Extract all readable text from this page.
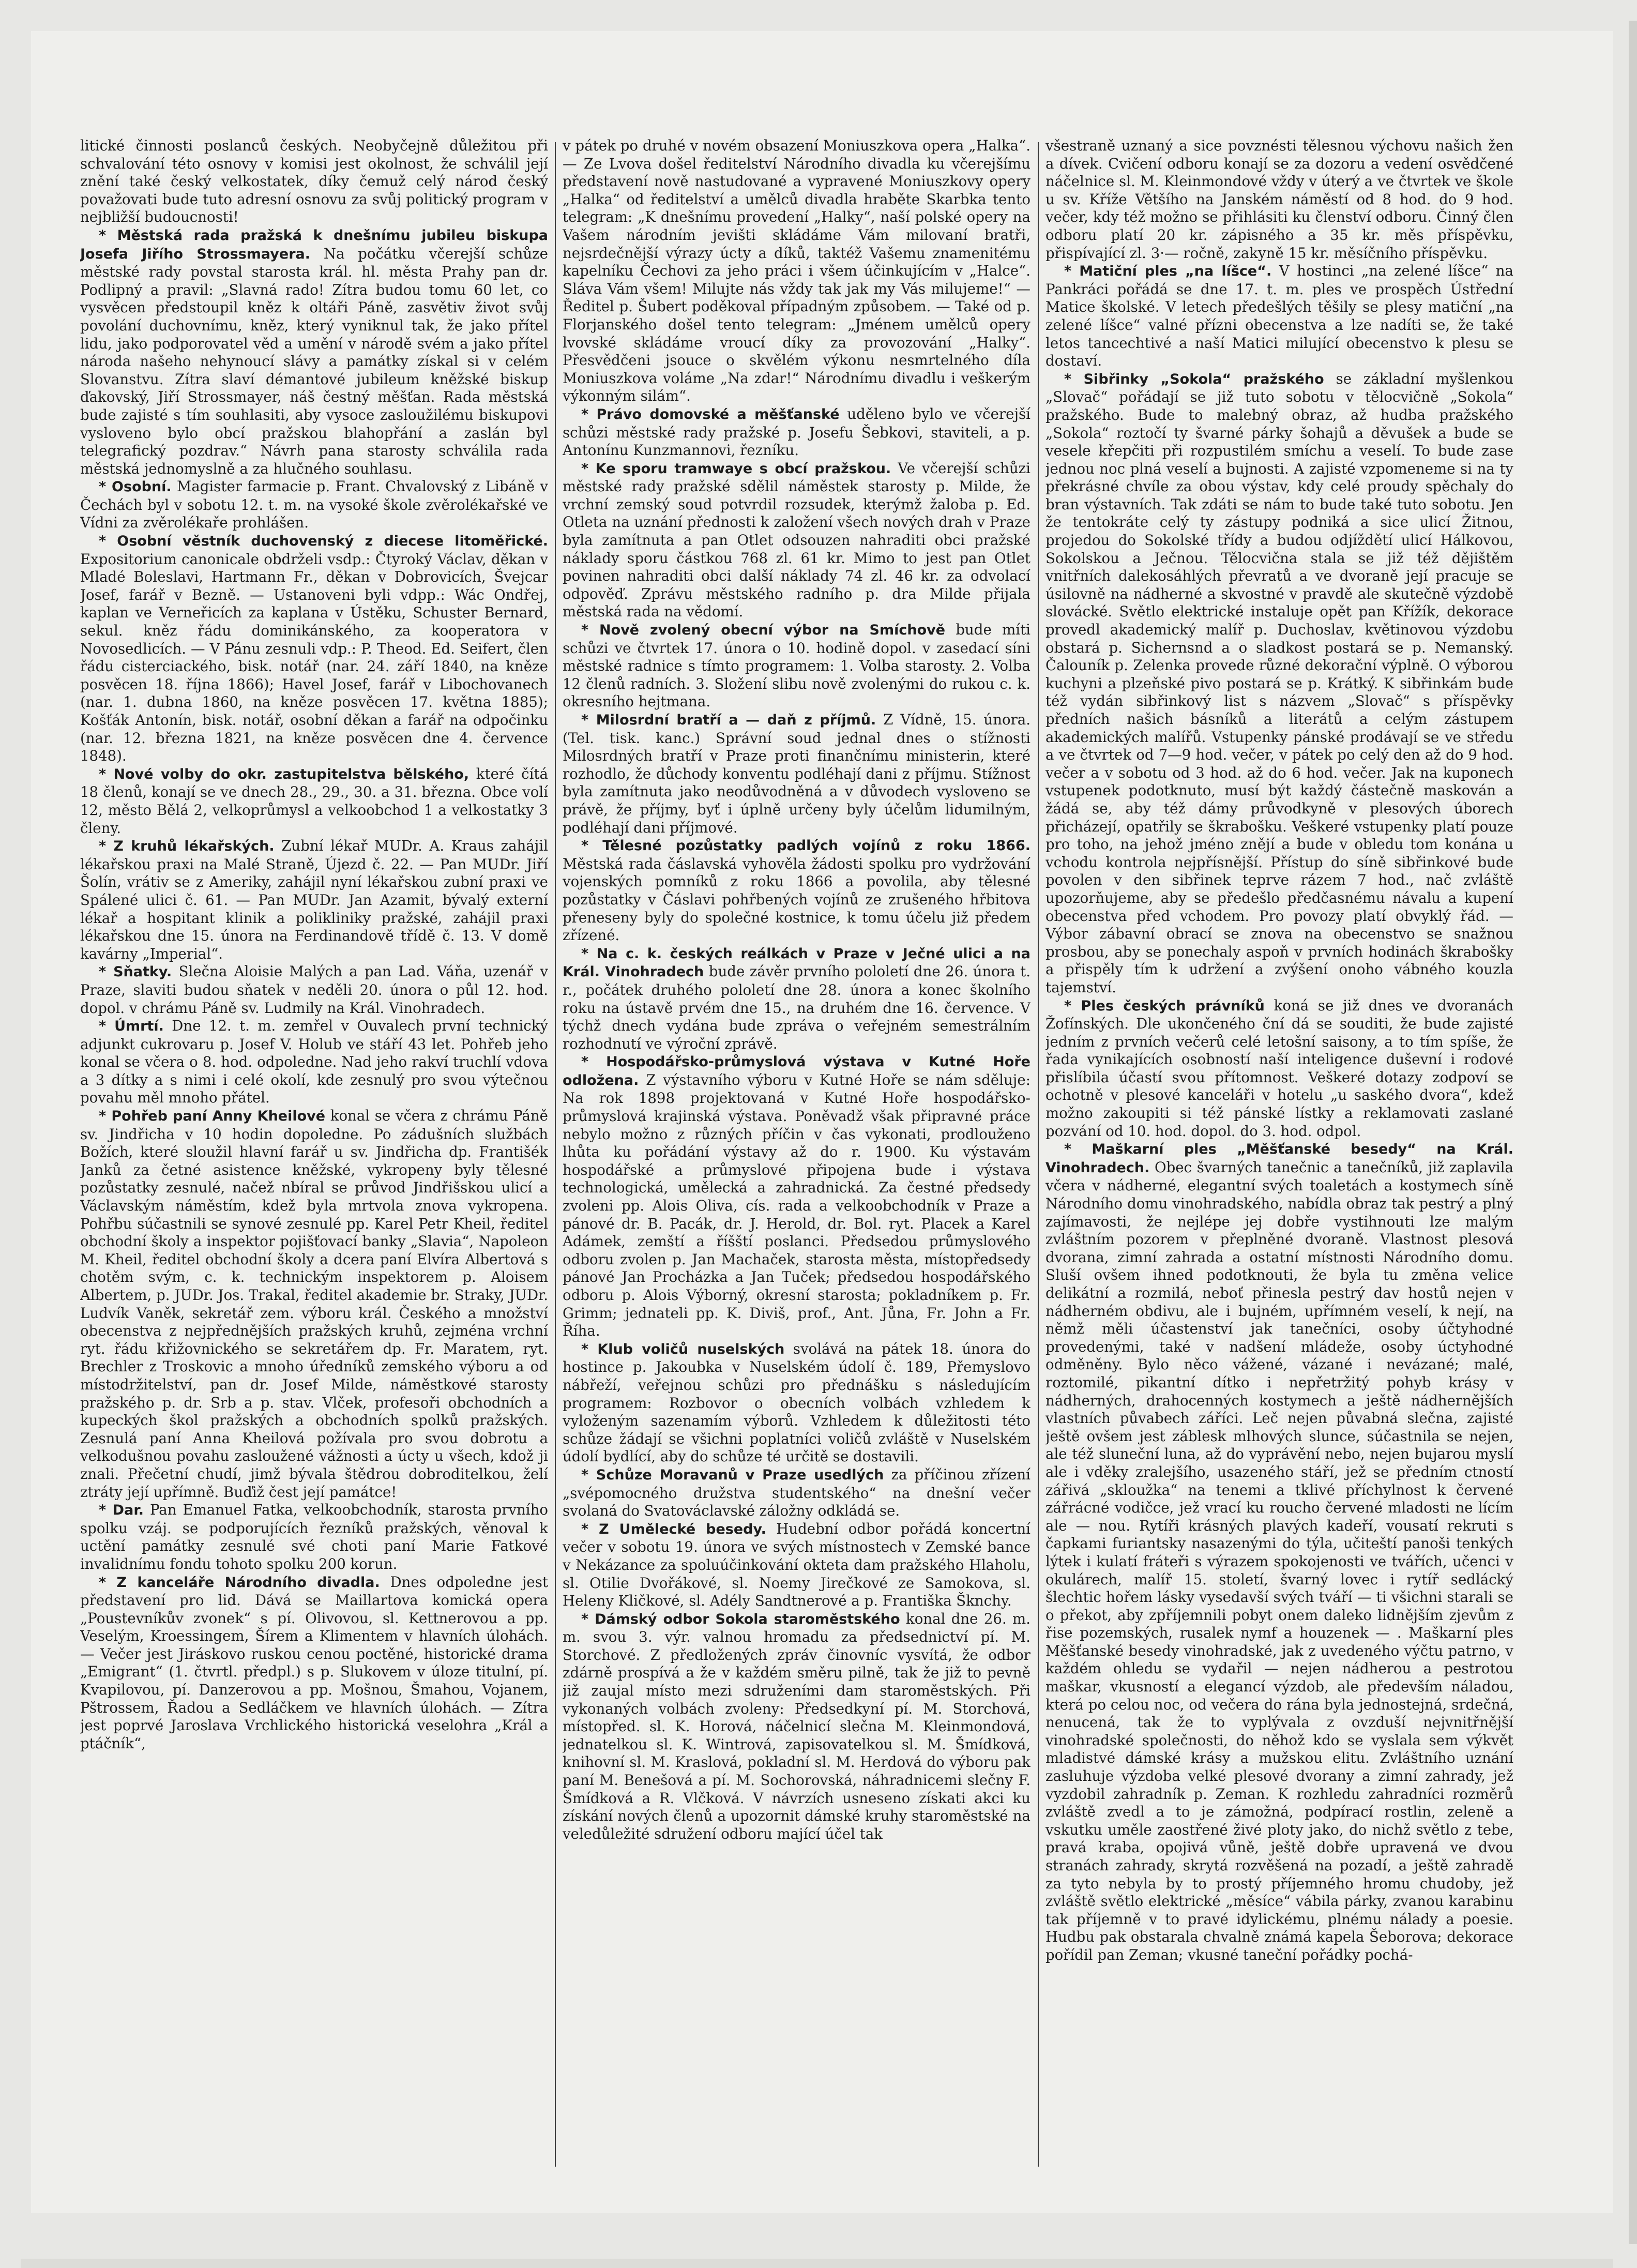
litické činnosti poslanců českých. Neobyčejně důležitou při schvalování této osnovy v komisi jest okolnost, že schválil její znění také český velkostatek, díky čemuž celý národ český považovati bude tuto adresní osnovu za svůj politický program v nejbližší budoucnosti!

* Městská rada pražská k dnešnímu jubileu biskupa Josefa Jiřího Strossmayera. Na počátku včerejší schůze městské rady povstal starosta král. hl. města Prahy pan dr. Podlipný a pravil: „Slavná rado! Zítra budou tomu 60 let, co vysvěcen předstoupil kněz k oltáři Páně, zasvětiv život svůj povolání duchovnímu, kněz, který vyniknul tak, že jako přítel lidu, jako podporovatel věd a umění v národě svém a jako přítel národa našeho nehynoucí slávy a památky získal si v celém Slovanstvu. Zítra slaví démantové jubileum kněžské biskup ďakovský, Jiří Strossmayer, náš čestný měšťan. Rada městská bude zajisté s tím souhlasiti, aby vysoce zasloužilému biskupovi vysloveno bylo obcí pražskou blahopřání a zaslán byl telegrafický pozdrav.“ Návrh pana starosty schválila rada městská jednomyslně a za hlučného souhlasu.

* Osobní. Magister farmacie p. Frant. Chvalovský z Libáně v Čechách byl v sobotu 12. t. m. na vysoké škole zvěrolékařské ve Vídni za zvěrolékaře prohlášen.

* Osobní věstník duchovenský z diecese litoměřické. Expositorium canonicale obdrželi vsdp.: Čtyroký Václav, děkan v Mladé Boleslavi, Hartmann Fr., děkan v Dobrovicích, Švejcar Josef, farář v Bezně. — Ustanoveni byli vdpp.: Wác Ondřej, kaplan ve Verneřicích za kaplana v Ústěku, Schuster Bernard, sekul. kněz řádu dominikánského, za kooperatora v Novosedlicích. — V Pánu zesnuli vdp.: P. Theod. Ed. Seifert, člen řádu cisterciackého, bisk. notář (nar. 24. září 1840, na kněze posvěcen 18. října 1866); Havel Josef, farář v Libochovanech (nar. 1. dubna 1860, na kněze posvěcen 17. května 1885); Košťák Antonín, bisk. notář, osobní děkan a farář na odpočinku (nar. 12. března 1821, na kněze posvěcen dne 4. července 1848).

* Nové volby do okr. zastupitelstva bělského, které čítá 18 členů, konají se ve dnech 28., 29., 30. a 31. března. Obce volí 12, město Bělá 2, velkoprůmysl a velkoobchod 1 a velkostatky 3 členy.

* Z kruhů lékařských. Zubní lékař MUDr. A. Kraus zahájil lékařskou praxi na Malé Straně, Újezd č. 22. — Pan MUDr. Jiří Šolín, vrátiv se z Ameriky, zahájil nyní lékařskou zubní praxi ve Spálené ulici č. 61. — Pan MUDr. Jan Azamit, bývalý externí lékař a hospitant klinik a polikliniky pražské, zahájil praxi lékařskou dne 15. února na Ferdinandově třídě č. 13. V domě kavárny „Imperial“.

* Sňatky. Slečna Aloisie Malých a pan Lad. Váňa, uzenář v Praze, slaviti budou sňatek v neděli 20. února o půl 12. hod. dopol. v chrámu Páně sv. Ludmily na Král. Vinohradech.

* Úmrtí. Dne 12. t. m. zemřel v Ouvalech první technický adjunkt cukrovaru p. Josef V. Holub ve stáří 43 let. Pohřeb jeho konal se včera o 8. hod. odpoledne. Nad jeho rakví truchlí vdova a 3 dítky a s nimi i celé okolí, kde zesnulý pro svou výtečnou povahu měl mnoho přátel.

* Pohřeb paní Anny Kheilové konal se včera z chrámu Páně sv. Jindřicha v 10 hodin dopoledne. Po zádušních službách Božích, které sloužil hlavní farář u sv. Jindřicha dp. Františék Janků za četné asistence kněžské, vykropeny byly tělesné pozůstatky zesnulé, načež nbíral se průvod Jindřišskou ulicí a Václavským náměstím, kdež byla mrtvola znova vykropena. Pohřbu súčastnili se synové zesnulé pp. Karel Petr Kheil, ředitel obchodní školy a inspektor pojišťovací banky „Slavia“, Napoleon M. Kheil, ředitel obchodní školy a dcera paní Elvíra Albertová s chotěm svým, c. k. technickým inspektorem p. Aloisem Albertem, p. JUDr. Jos. Trakal, ředitel akademie br. Straky, JUDr. Ludvík Vaněk, sekretář zem. výboru král. Českého a množství obecenstva z nejpřednějších pražských kruhů, zejména vrchní ryt. řádu křižovnického se sekretářem dp. Fr. Maratem, ryt. Brechler z Troskovic a mnoho úředníků zemského výboru a od místodržitelství, pan dr. Josef Milde, náměstkové starosty pražského p. dr. Srb a p. stav. Vlček, profesoři obchodních a kupeckých škol pražských a obchodních spolků pražských. Zesnulá paní Anna Kheilová požívala pro svou dobrotu a velkodušnou povahu zasloužené vážnosti a úcty u všech, kdož ji znali. Přečetní chudí, jimž bývala štědrou dobroditelkou, želí ztráty její upřímně. Buďiž čest její památce!

* Dar. Pan Emanuel Fatka, velkoobchodník, starosta prvního spolku vzáj. se podporujících řezníků pražských, věnoval k uctění památky zesnulé své choti paní Marie Fatkové invalidnímu fondu tohoto spolku 200 korun.

* Z kanceláře Národního divadla. Dnes odpoledne jest představení pro lid. Dává se Maillartova komická opera „Poustevníkův zvonek“ s pí. Olivovou, sl. Kettnerovou a pp. Veselým, Kroessingem, Šírem a Klimentem v hlavních úlohách. — Večer jest Jiráskovo ruskou cenou poctěné, historické drama „Emigrant“ (1. čtvrtl. předpl.) s p. Slukovem v úloze titulní, pí. Kvapilovou, pí. Danzerovou a pp. Mošnou, Šmahou, Vojanem, Pštrossem, Řadou a Sedláčkem ve hlavních úlohách. — Zítra jest poprvé Jaroslava Vrchlického historická veselohra „Král a ptáčník“,

v pátek po druhé v novém obsazení Moniuszkova opera „Halka“. — Ze Lvova došel ředitelství Národního divadla ku včerejšímu představení nově nastudované a vypravené Moniuszkovy opery „Halka“ od ředitelství a umělců divadla hraběte Skarbka tento telegram: „K dnešnímu provedení „Halky“, naší polské opery na Vašem národním jevišti skládáme Vám milovaní bratři, nejsrdečnější výrazy úcty a díků, taktéž Vašemu znamenitému kapelníku Čechovi za jeho práci i všem účinkujícím v „Halce“. Sláva Vám všem! Milujte nás vždy tak jak my Vás milujeme!“ — Ředitel p. Šubert poděkoval případným způsobem. — Také od p. Florjanského došel tento telegram: „Jménem umělců opery lvovské skládáme vroucí díky za provozování „Halky“. Přesvědčeni jsouce o skvělém výkonu nesmrtelného díla Moniuszkova voláme „Na zdar!“ Národnímu divadlu i veškerým výkonným silám“.

* Právo domovské a měšťanské uděleno bylo ve včerejší schůzi městské rady pražské p. Josefu Šebkovi, staviteli, a p. Antonínu Kunzmannovi, řezníku.

* Ke sporu tramwaye s obcí pražskou. Ve včerejší schůzi městské rady pražské sdělil náměstek starosty p. Milde, že vrchní zemský soud potvrdil rozsudek, kterýmž žaloba p. Ed. Otleta na uznání přednosti k založení všech nových drah v Praze byla zamítnuta a pan Otlet odsouzen nahraditi obci pražské náklady sporu částkou 768 zl. 61 kr. Mimo to jest pan Otlet povinen nahraditi obci další náklady 74 zl. 46 kr. za odvolací odpověď. Zprávu městského radního p. dra Milde přijala městská rada na vědomí.

* Nově zvolený obecní výbor na Smíchově bude míti schůzi ve čtvrtek 17. února o 10. hodině dopol. v zasedací síni městské radnice s tímto programem: 1. Volba starosty. 2. Volba 12 členů radních. 3. Složení slibu nově zvolenými do rukou c. k. okresního hejtmana.

* Milosrdní bratří a — daň z příjmů. Z Vídně, 15. února. (Tel. tisk. kanc.) Správní soud jednal dnes o stížnosti Milosrdných bratří v Praze proti finančnímu ministerin, které rozhodlo, že důchody konventu podléhají dani z příjmu. Stížnost byla zamítnuta jako neodůvodněná a v důvodech vysloveno se právě, že příjmy, byť i úplně určeny byly účelům lidumilným, podléhají dani příjmové.

* Tělesné pozůstatky padlých vojínů z roku 1866. Městská rada čáslavská vyhověla žádosti spolku pro vydržování vojenských pomníků z roku 1866 a povolila, aby tělesné pozůstatky v Čáslavi pohřbených vojínů ze zrušeného hřbitova přeneseny byly do společné kostnice, k tomu účelu již předem zřízené.

* Na c. k. českých reálkách v Praze v Ječné ulici a na Král. Vinohradech bude závěr prvního pololetí dne 26. února t. r., počátek druhého pololetí dne 28. února a konec školního roku na ústavě prvém dne 15., na druhém dne 16. července. V týchž dnech vydána bude zpráva o veřejném semestrálním rozhodnutí ve výroční zprávě.

* Hospodářsko-průmyslová výstava v Kutné Hoře odložena. Z výstavního výboru v Kutné Hoře se nám sděluje: Na rok 1898 projektovaná v Kutné Hoře hospodářsko-průmyslová krajinská výstava. Poněvadž však připravné práce nebylo možno z různých příčin v čas vykonati, prodlouženo lhůta ku pořádání výstavy až do r. 1900. Ku výstavám hospodářské a průmyslové připojena bude i výstava technologická, umělecká a zahradnická. Za čestné předsedy zvoleni pp. Alois Oliva, cís. rada a velkoobchodník v Praze a pánové dr. B. Pacák, dr. J. Herold, dr. Bol. ryt. Placek a Karel Adámek, zemští a říšští poslanci. Předsedou průmyslového odboru zvolen p. Jan Machaček, starosta města, místopředsedy pánové Jan Procházka a Jan Tuček; předsedou hospodářského odboru p. Alois Výborný, okresní starosta; pokladníkem p. Fr. Grimm; jednateli pp. K. Diviš, prof., Ant. Jůna, Fr. John a Fr. Říha.

* Klub voličů nuselských svolává na pátek 18. února do hostince p. Jakoubka v Nuselském údolí č. 189, Přemyslovo nábřeží, veřejnou schůzi pro přednášku s následujícím programem: Rozbovor o obecních volbách vzhledem k vyloženým sazenamím výborů. Vzhledem k důležitosti této schůze žádají se všichni poplatníci voličů zvláště v Nuselském údolí bydlící, aby do schůze té určitě se dostavili.

* Schůze Moravanů v Praze usedlých za příčinou zřízení „svépomocného družstva studentského“ na dnešní večer svolaná do Svatováclavské záložny odkládá se.

* Z Umělecké besedy. Hudební odbor pořádá koncertní večer v sobotu 19. února ve svých místnostech v Zemské bance v Nekázance za spoluúčinkování okteta dam pražského Hlaholu, sl. Otilie Dvořákové, sl. Noemy Jirečkové ze Samokova, sl. Heleny Kličkové, sl. Adély Sandtnerové a p. Františka Šknchy.

* Dámský odbor Sokola staroměstského konal dne 26. m. m. svou 3. výr. valnou hromadu za předsednictví pí. M. Storchové. Z předložených zpráv činovníc vysvítá, že odbor zdárně prospívá a že v každém směru pilně, tak že již to pevně již zaujal místo mezi sdruženími dam staroměstských. Při vykonaných volbách zvoleny: Předsedkyní pí. M. Storchová, místopřed. sl. K. Horová, náčelnicí slečna M. Kleinmondová, jednatelkou sl. K. Wintrová, zapisovatelkou sl. M. Šmídková, knihovní sl. M. Kraslová, pokladní sl. M. Herdová do výboru pak paní M. Benešová a pí. M. Sochorovská, náhradnicemi slečny F. Šmídková a R. Vlčková. V návrzích usneseno získati akci ku získání nových členů a upozornit dámské kruhy staroměstské na veledůležité sdružení odboru mající účel tak

všestraně uznaný a sice povznésti tělesnou výchovu našich žen a dívek. Cvičení odboru konají se za dozoru a vedení osvědčené náčelnice sl. M. Kleinmondové vždy v úterý a ve čtvrtek ve škole u sv. Kříže Většího na Janském náměstí od 8 hod. do 9 hod. večer, kdy též možno se přihlásiti ku členství odboru. Činný člen odboru platí 20 kr. zápisného a 35 kr. měs příspěvku, přispívající zl. 3·— ročně, zakyně 15 kr. měsíčního příspěvku.

* Matiční ples „na líšce“. V hostinci „na zelené líšce“ na Pankráci pořádá se dne 17. t. m. ples ve prospěch Ústřední Matice školské. V letech předešlých těšily se plesy matiční „na zelené líšce“ valné přízni obecenstva a lze nadíti se, že také letos tancechtivé a naší Matici milující obecenstvo k plesu se dostaví.

* Sibřinky „Sokola“ pražského se základní myšlenkou „Slovač“ pořádají se již tuto sobotu v tělocvičně „Sokola“ pražského. Bude to malebný obraz, až hudba pražského „Sokola“ roztočí ty švarné párky šohajů a děvušek a bude se vesele křepčiti při rozpustilém smíchu a veselí. To bude zase jednou noc plná veselí a bujnosti. A zajisté vzpomeneme si na ty překrásné chvíle za obou výstav, kdy celé proudy spěchaly do bran výstavních. Tak zdáti se nám to bude také tuto sobotu. Jen že tentokráte celý ty zástupy podniká a sice ulicí Žitnou, projedou do Sokolské třídy a budou odjíždětí ulicí Hálkovou, Sokolskou a Ječnou. Tělocvična stala se již též dějištěm vnitřních dalekosáhlých převratů a ve dvoraně její pracuje se úsilovně na nádherné a skvostné v pravdě ale skutečně výzdobě slovácké. Světlo elektrické instaluje opět pan Křížík, dekorace provedl akademický malíř p. Duchoslav, květinovou výzdobu obstará p. Sichernsnd a o sladkost postará se p. Nemanský. Čalouník p. Zelenka provede různé dekorační výplně. O výborou kuchyni a plzeňské pivo postará se p. Krátký. K sibřinkám bude též vydán sibřinkový list s názvem „Slovač“ s příspěvky předních našich básníků a literátů a celým zástupem akademických malířů. Vstupenky pánské prodávají se ve středu a ve čtvrtek od 7—9 hod. večer, v pátek po celý den až do 9 hod. večer a v sobotu od 3 hod. až do 6 hod. večer. Jak na kuponech vstupenek podotknuto, musí být každý částečně maskován a žádá se, aby též dámy průvodkyně v plesových úborech přicházejí, opatřily se škrabošku. Veškeré vstupenky platí pouze pro toho, na jehož jméno znějí a bude v obledu tom konána u vchodu kontrola nejpřísnější. Přístup do síně sibřinkové bude povolen v den sibřinek teprve rázem 7 hod., nač zvláště upozorňujeme, aby se předešlo předčasnému návalu a kupení obecenstva před vchodem. Pro povozy platí obvyklý řád. — Výbor zábavní obrací se znova na obecenstvo se snažnou prosbou, aby se ponechaly aspoň v prvních hodinách škrabošky a přispěly tím k udržení a zvýšení onoho vábného kouzla tajemství.

* Ples českých právníků koná se již dnes ve dvoranách Žofínských. Dle ukončeného ční dá se souditi, že bude zajisté jedním z prvních večerů celé letošní saisony, a to tím spíše, že řada vynikajících osobností naší inteligence duševní i rodové přislíbila účastí svou přítomnost. Veškeré dotazy zodpoví se ochotně v plesové kanceláři v hotelu „u saského dvora“, kdež možno zakoupiti si též pánské lístky a reklamovati zaslané pozvání od 10. hod. dopol. do 3. hod. odpol.

* Maškarní ples „Měšťanské besedy“ na Král. Vinohradech. Obec švarných tanečnic a tanečníků, již zaplavila včera v nádherné, elegantní svých toaletách a kostymech síně Národního domu vinohradského, nabídla obraz tak pestrý a plný zajímavosti, že nejlépe jej dobře vystihnouti lze malým zvláštním pozorem v přeplněné dvoraně. Vlastnost plesová dvorana, zimní zahrada a ostatní místnosti Národního domu. Sluší ovšem ihned podotknouti, že byla tu změna velice delikátní a rozmilá, neboť přinesla pestrý dav hostů nejen v nádherném obdivu, ale i bujném, upřímném veselí, k nejí, na němž měli účastenství jak tanečníci, osoby účtyhodné provedenými, také v nadšení mládeže, osoby úctyhodné odměněny. Bylo něco vážené, vázané i nevázané; malé, roztomilé, pikantní dítko i nepřetržitý pohyb krásy v nádherných, drahocenných kostymech a ještě nádhernějších vlastních půvabech záříci. Leč nejen půvabná slečna, zajisté ještě ovšem jest záblesk mlhových slunce, súčastnila se nejen, ale též sluneční luna, až do vyprávění nebo, nejen bujarou myslí ale i vděky zralejšího, usazeného stáří, jež se předním ctností zářivá „skloužka“ na tenemi a tklivé příchylnost k červené zářrácné vodičce, jež vrací ku roucho červené mladosti ne lícím ale — nou. Rytíři krásných plavých kadeří, vousatí rekruti s čapkami furiantsky nasazenými do týla, učiteští panoši tenkých lýtek i kulatí fráteři s výrazem spokojenosti ve tvářích, učenci v okulárech, malíř 15. století, švarný lovec i rytíř sedlácký šlechtic hořem lásky vysedavší svých tváří — ti všichni starali se o překot, aby zpříjemnili pobyt onem daleko lidnějším zjevům z řise pozemských, rusalek nymf a houzenek — . Maškarní ples Měšťanské besedy vinohradské, jak z uvedeného výčtu patrno, v každém ohledu se vydařil — nejen nádherou a pestrotou maškar, vkusností a elegancí výzdob, ale především náladou, která po celou noc, od večera do rána byla jednostejná, srdečná, nenucená, tak že to vyplývala z ovzduší nejvnitřnější vinohradské společnosti, do něhož kdo se vyslala sem výkvět mladistvé dámské krásy a mužskou elitu. Zvláštního uznání zasluhuje výzdoba velké plesové dvorany a zimní zahrady, jež vyzdobil zahradník p. Zeman. K rozhledu zahradníci rozměrů zvláště zvedl a to je zámožná, podpírací rostlin, zeleně a vskutku uměle zaostřené živé ploty jako, do nichž světlo z tebe, pravá kraba, opojivá vůně, ještě dobře upravená ve dvou stranách zahrady, skrytá rozvěšená na pozadí, a ještě zahradě za tyto nebyla by to prostý příjemného hromu chudoby, jež zvláště světlo elektrické „měsíce“ vábila párky, zvanou karabinu tak příjemně v to pravé idylickému, plnému nálady a poesie. Hudbu pak obstarala chvalně známá kapela Šeborova; dekorace pořídil pan Zeman; vkusné taneční pořádky pochá-
